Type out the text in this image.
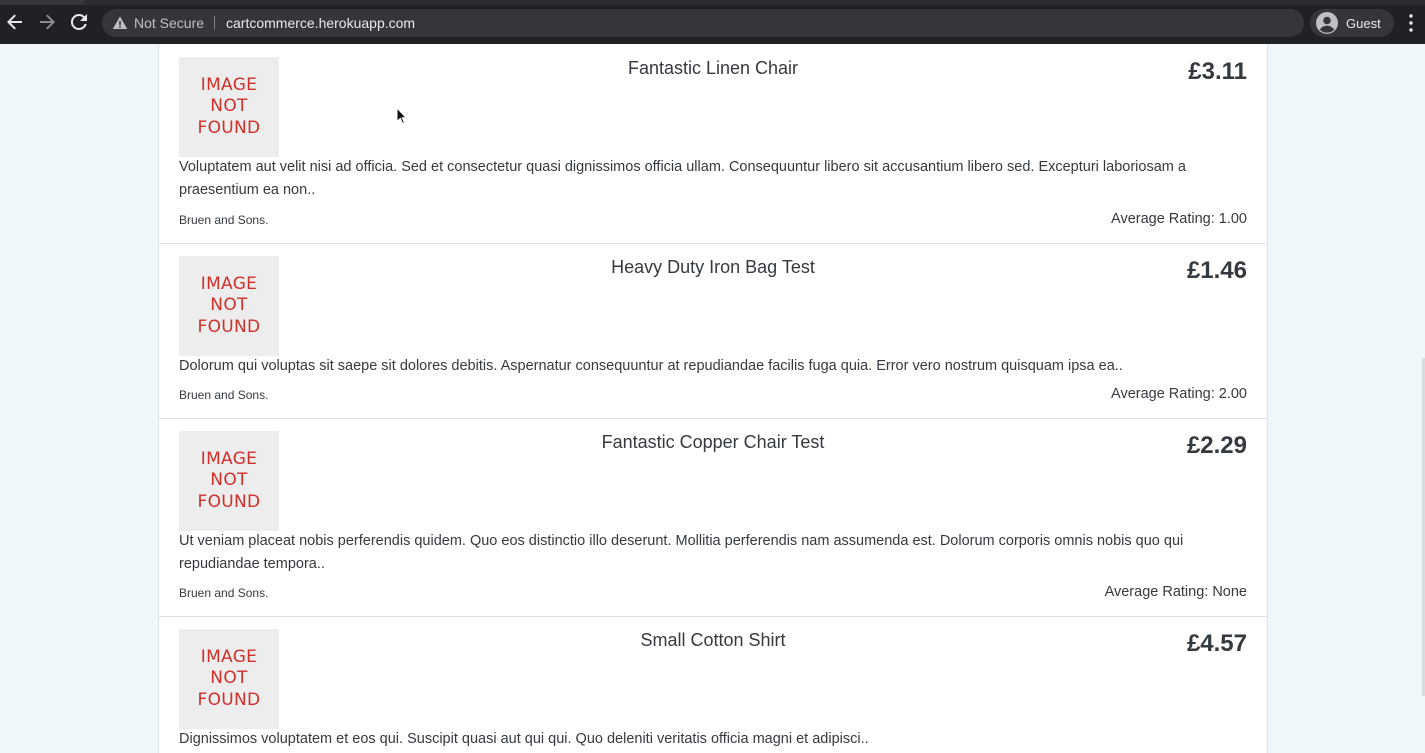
Not Secure cartcommerce.herokuapp.com	Guest
IMAGE
NOT
FOUND
Fantastic Linen Chair	£3.11
Voluptatem aut velit nisi ad officia. Sed et consectetur quasi dignissimos officia ullam. Consequuntur libero sit accusantium libero sed. Excepturi laboriosam a praesentium ea non..
Bruen and Sons.	Average Rating: 1.00
IMAGE
NOT
FOUND
Heavy Duty Iron Bag Test	£1.46
Dolorum qui voluptas sit saepe sit dolores debitis. Aspernatur consequuntur at repudiandae facilis fuga quia. Error vero nostrum quisquam ipsa ea..
Bruen and Sons.	Average Rating: 2.00
IMAGE
NOT
FOUND
Fantastic Copper Chair Test	£2.29
Ut veniam placeat nobis perferendis quidem. Quo eos distinctio illo deserunt. Mollitia perferendis nam assumenda est. Dolorum corporis omnis nobis quo qui repudiandae tempora..
Bruen and Sons.	Average Rating: None
IMAGE
NOT
FOUND
Small Cotton Shirt	£4.57
Dignissimos voluptatem et eos qui. Suscipit quasi aut qui qui. Quo deleniti veritatis officia magni et adipisci..
